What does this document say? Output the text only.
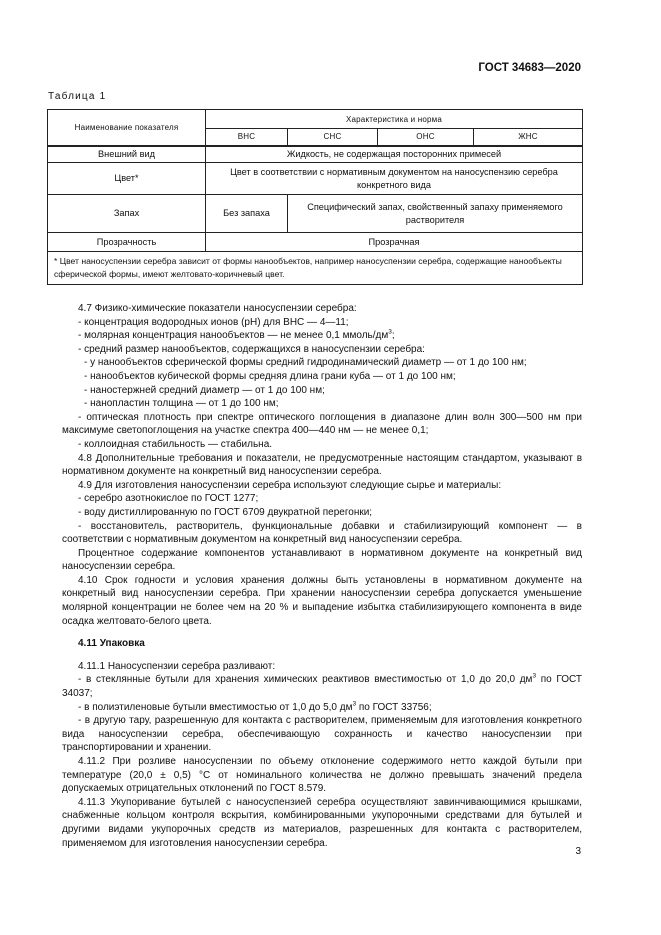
ГОСТ 34683—2020
Таблица 1
Наименование показателя	Характеристика и норма			
	ВНС	СНС	ОНС	ЖНС
Внешний вид	Жидкость, не содержащая посторонних примесей			
Цвет*	Цвет в соответствии с нормативным документом на наносуспензию серебра конкретного вида			
Запах	Без запаха	Специфический запах, свойственный запаху применяемого растворителя		
Прозрачность	Прозрачная			
* Цвет наносуспензии серебра зависит от формы нанообъектов, например наносуспензии серебра, содержащие нанообъекты сферической формы, имеют желтовато-коричневый цвет.				

4.7 Физико-химические показатели наносуспензии серебра:

- концентрация водородных ионов (рН) для ВНС — 4—11;

- молярная концентрация нанообъектов — не менее 0,1 ммоль/$дм^3$;

- средний размер нанообъектов, содержащихся в наносуспензии серебра:

- у нанообъектов сферической формы средний гидродинамический диаметр — от 1 до 100 нм;

- нанообъектов кубической формы средняя длина грани куба — от 1 до 100 нм;

- наностержней средний диаметр — от 1 до 100 нм;

- нанопластин толщина — от 1 до 100 нм;

- оптическая плотность при спектре оптического поглощения в диапазоне длин волн 300—500 нм при максимуме светопоглощения на участке спектра 400—440 нм — не менее 0,1;

- коллоидная стабильность — стабильна.

4.8 Дополнительные требования и показатели, не предусмотренные настоящим стандартом, указывают в нормативном документе на конкретный вид наносуспензии серебра.

4.9 Для изготовления наносуспензии серебра используют следующие сырье и материалы:

- серебро азотнокислое по ГОСТ 1277;

- воду дистиллированную по ГОСТ 6709 двукратной перегонки;

- восстановитель, растворитель, функциональные добавки и стабилизирующий компонент — в соответствии с нормативным документом на конкретный вид наносуспензии серебра.

Процентное содержание компонентов устанавливают в нормативном документе на конкретный вид наносуспензии серебра.

4.10 Срок годности и условия хранения должны быть установлены в нормативном документе на конкретный вид наносуспензии серебра. При хранении наносуспензии серебра допускается уменьшение молярной концентрации не более чем на 20 % и выпадение избытка стабилизирующего компонента в виде осадка желтовато-белого цвета.

4.11 Упаковка

4.11.1 Наносуспензии серебра разливают:

- в стеклянные бутыли для хранения химических реактивов вместимостью от 1,0 до 20,0 $дм^3$ по ГОСТ 34037;

- в полиэтиленовые бутыли вместимостью от 1,0 до 5,0 $дм^3$ по ГОСТ 33756;

- в другую тару, разрешенную для контакта с растворителем, применяемым для изготовления конкретного вида наносуспензии серебра, обеспечивающую сохранность и качество наносуспензии при транспортировании и хранении.

4.11.2 При розливе наносуспензии по объему отклонение содержимого нетто каждой бутыли при температуре (20,0 ± 0,5) °С от номинального количества не должно превышать значений предела допускаемых отрицательных отклонений по ГОСТ 8.579.

4.11.3 Укупоривание бутылей с наносуспензией серебра осуществляют завинчивающимися крышками, снабженные кольцом контроля вскрытия, комбинированными укупорочными средствами для бутылей и другими видами укупорочных средств из материалов, разрешенных для контакта с растворителем, применяемом для изготовления наносуспензии серебра.

3
